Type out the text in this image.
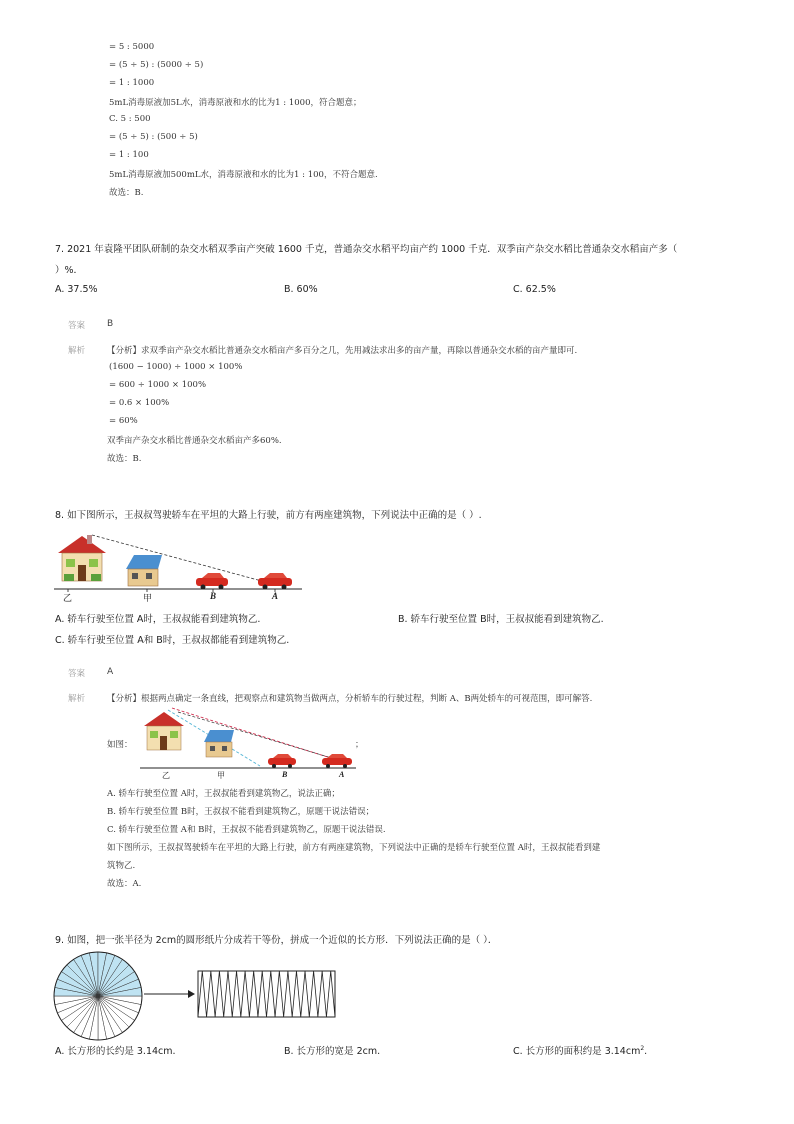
= 5 : 5000
= (5 ÷ 5) : (5000 ÷ 5)
= 1 : 1000
5mL消毒原液加5L水，消毒原液和水的比为1 : 1000，符合题意；
C. 5 : 500
= (5 ÷ 5) : (500 ÷ 5)
= 1 : 100
5mL消毒原液加500mL水，消毒原液和水的比为1 : 100，不符合题意.
故选：B.
7. 2021 年袁隆平团队研制的杂交水稻双季亩产突破 1600 千克，普通杂交水稻平均亩产约 1000 千克．双季亩产杂交水稻比普通杂交水稻亩产多（
）%．
A. 37.5%	B. 60%	C. 62.5%
答案 B
解析	【分析】求双季亩产杂交水稻比普通杂交水稻亩产多百分之几，先用减法求出多的亩产量，再除以普通杂交水稻的亩产量即可.
(1600 − 1000) ÷ 1000 × 100%
= 600 ÷ 1000 × 100%
= 0.6 × 100%
= 60%
双季亩产杂交水稻比普通杂交水稻亩产多60%.
故选：B.
8. 如下图所示，王叔叔驾驶轿车在平坦的大路上行驶，前方有两座建筑物，下列说法中正确的是（ ）.
乙	甲	B	A
A. 轿车行驶至位置 A时，王叔叔能看到建筑物乙.	B. 轿车行驶至位置 B时，王叔叔能看到建筑物乙.
C. 轿车行驶至位置 A和 B时，王叔叔都能看到建筑物乙.
答案 A
解析	【分析】根据两点确定一条直线，把观察点和建筑物当做两点，分析轿车的行驶过程，判断 A、B两处轿车的可视范围，即可解答.
如图：	；
乙	甲	B	A
A. 轿车行驶至位置 A时，王叔叔能看到建筑物乙，说法正确；
B. 轿车行驶至位置 B时，王叔叔不能看到建筑物乙，原题干说法错误；
C. 轿车行驶至位置 A和 B时，王叔叔不能看到建筑物乙，原题干说法错误.
如下图所示，王叔叔驾驶轿车在平坦的大路上行驶，前方有两座建筑物，下列说法中正确的是轿车行驶至位置 A时，王叔叔能看到建
筑物乙.
故选：A.
9. 如图，把一张半径为 2cm的圆形纸片分成若干等份，拼成一个近似的长方形．下列说法正确的是（ ）．
A. 长方形的长约是 3.14cm.	B. 长方形的宽是 2cm.	C. 长方形的面积约是 $3.14cm^2$.
